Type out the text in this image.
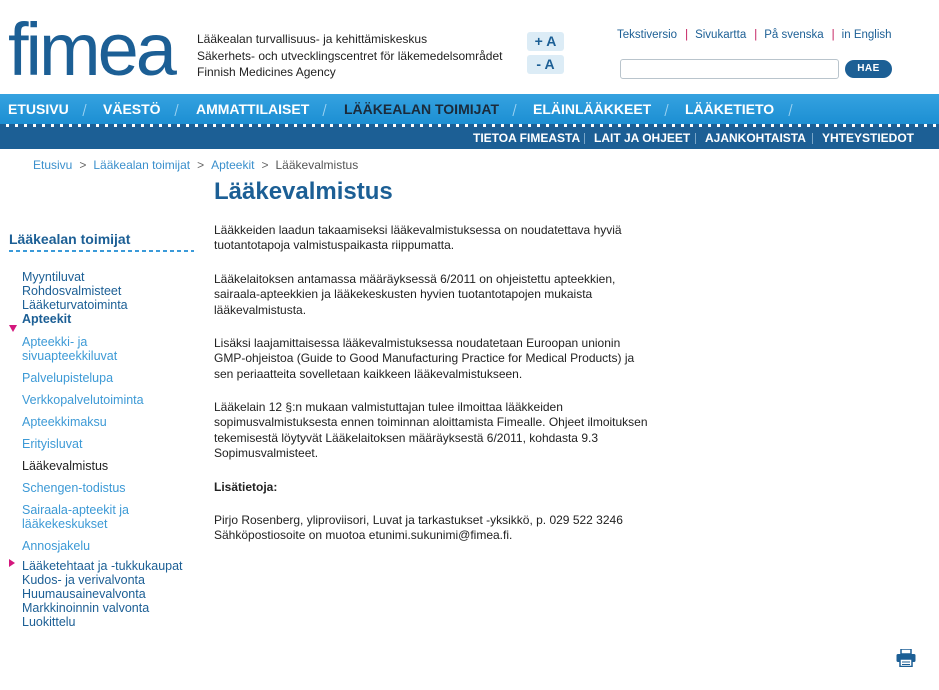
fimea	Lääkealan turvallisuus- ja kehittämiskeskus
Säkerhets- och utvecklingscentret för läkemedelsområdet
Finnish Medicines Agency
+ A
- A
Tekstiversio | Sivukartta | På svenska | in English
HAE
ETUSIVU VÄESTÖ	AMMATTILAISET LÄÄKEALAN TOIMIJAT ELÄINLÄÄKKEET LÄÄKETIETO
TIETOA FIMEASTA LAIT JA OHJEET AJANKOHTAISTA YHTEYSTIEDOT
Etusivu > Lääkealan toimijat > Apteekit > Lääkevalmistus
Lääkealan toimijat
Myyntiluvat
Rohdosvalmisteet
Lääketurvatoiminta
Apteekit
Apteekki- ja
sivuapteekkiluvat
Palvelupistelupa
Verkkopalvelutoiminta
Apteekkimaksu
Erityisluvat
Lääkevalmistus
Schengen-todistus
Sairaala-apteekit ja
lääkekeskukset
Annosjakelu
Lääketehtaat ja -tukkukaupat
Kudos- ja verivalvonta
Huumausainevalvonta
Markkinoinnin valvonta
Luokittelu
Lääkevalmistus
Lääkkeiden laadun takaamiseksi lääkevalmistuksessa on noudatettava hyviä tuotantotapoja valmistuspaikasta riippumatta.
Lääkelaitoksen antamassa määräyksessä 6/2011 on ohjeistettu apteekkien, sairaala-apteekkien ja lääkekeskusten hyvien tuotantotapojen mukaista lääkevalmistusta.
Lisäksi laajamittaisessa lääkevalmistuksessa noudatetaan Euroopan unionin GMP-ohjeistoa (Guide to Good Manufacturing Practice for Medical Products) ja sen periaatteita sovelletaan kaikkeen lääkevalmistukseen.
Lääkelain 12 §:n mukaan valmistuttajan tulee ilmoittaa lääkkeiden sopimusvalmistuksesta ennen toiminnan aloittamista Fimealle. Ohjeet ilmoituksen tekemisestä löytyvät Lääkelaitoksen määräyksestä 6/2011, kohdasta 9.3 Sopimusvalmisteet.
Lisätietoja:
Pirjo Rosenberg, yliproviisori, Luvat ja tarkastukset -yksikkö, p. 029 522 3246 Sähköpostiosoite on muotoa etunimi.sukunimi@fimea.fi.
